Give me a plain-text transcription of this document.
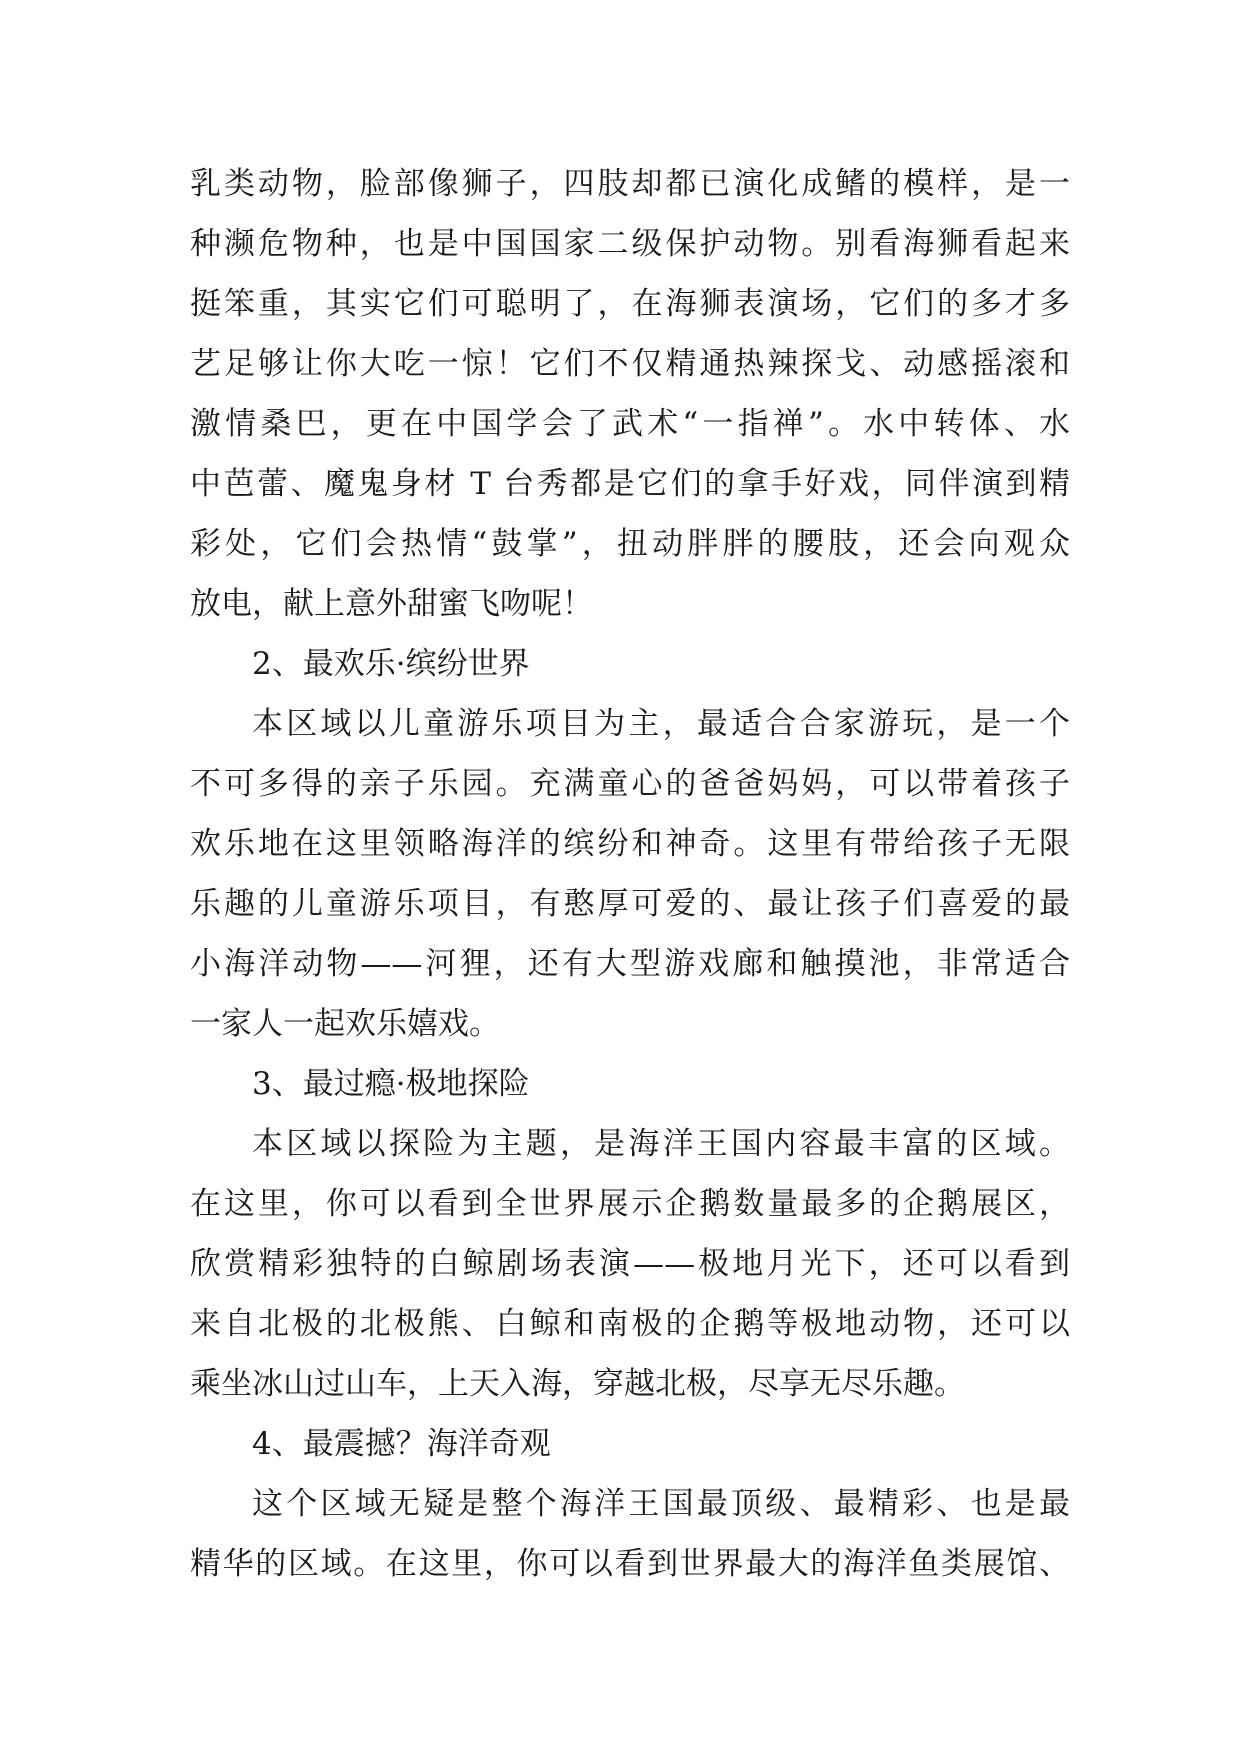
乳类动物，脸部像狮子，四肢却都已演化成鳍的模样，是一
种濒危物种，也是中国国家二级保护动物。别看海狮看起来
挺笨重，其实它们可聪明了，在海狮表演场，它们的多才多
艺足够让你大吃一惊！它们不仅精通热辣探戈、动感摇滚和
激情桑巴，更在中国学会了武术“一指禅”。水中转体、水
中芭蕾、魔鬼身材 T 台秀都是它们的拿手好戏，同伴演到精
彩处，它们会热情“鼓掌”，扭动胖胖的腰肢，还会向观众
放电，献上意外甜蜜飞吻呢！
2、最欢乐·缤纷世界
本区域以儿童游乐项目为主，最适合合家游玩，是一个
不可多得的亲子乐园。充满童心的爸爸妈妈，可以带着孩子
欢乐地在这里领略海洋的缤纷和神奇。这里有带给孩子无限
乐趣的儿童游乐项目，有憨厚可爱的、最让孩子们喜爱的最
小海洋动物——河狸，还有大型游戏廊和触摸池，非常适合
一家人一起欢乐嬉戏。
3、最过瘾·极地探险
本区域以探险为主题，是海洋王国内容最丰富的区域。
在这里，你可以看到全世界展示企鹅数量最多的企鹅展区，
欣赏精彩独特的白鲸剧场表演——极地月光下，还可以看到
来自北极的北极熊、白鲸和南极的企鹅等极地动物，还可以
乘坐冰山过山车，上天入海，穿越北极，尽享无尽乐趣。
4、最震撼？海洋奇观
这个区域无疑是整个海洋王国最顶级、最精彩、也是最
精华的区域。在这里，你可以看到世界最大的海洋鱼类展馆、
